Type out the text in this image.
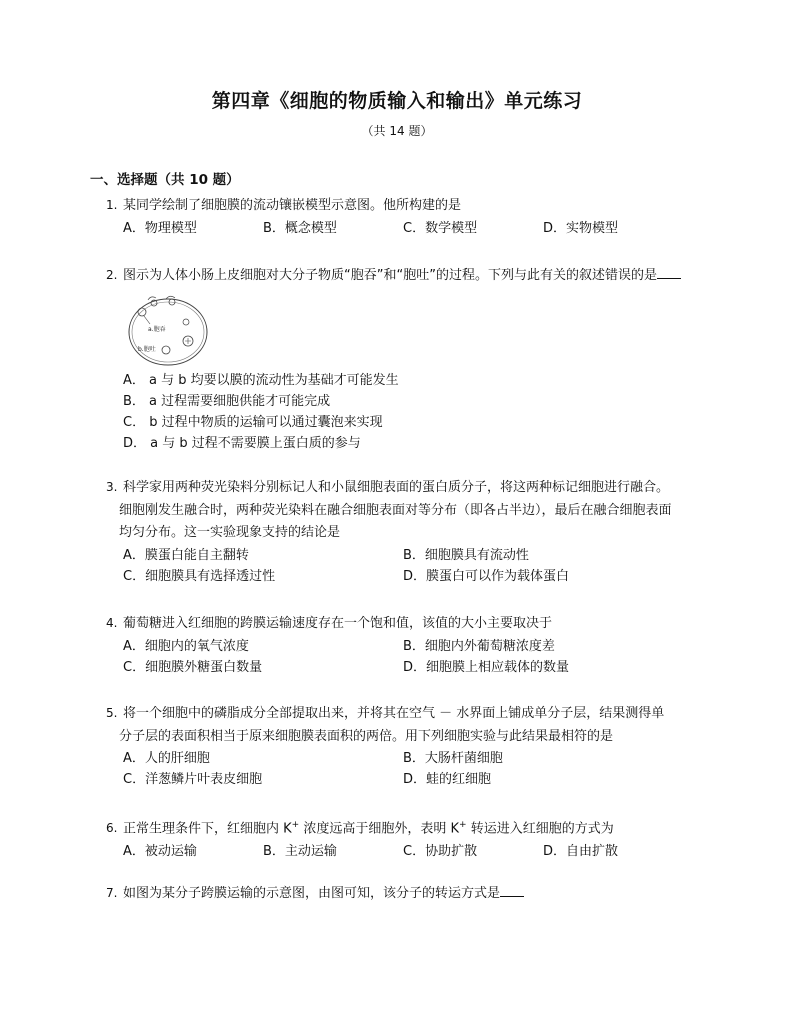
第四章《细胞的物质输入和输出》单元练习
（共 14 题）
一、选择题（共 10 题）
1. 某同学绘制了细胞膜的流动镶嵌模型示意图。他所构建的是
A．物理模型	B．概念模型	C．数学模型	D．实物模型
2. 图示为人体小肠上皮细胞对大分子物质“胞吞”和“胞吐”的过程。下列与此有关的叙述错误的是
a.胞吞
b.胞吐
A． a 与 b 均要以膜的流动性为基础才可能发生
B． a 过程需要细胞供能才可能完成
C． b 过程中物质的运输可以通过囊泡来实现
D． a 与 b 过程不需要膜上蛋白质的参与
3. 科学家用两种荧光染料分别标记人和小鼠细胞表面的蛋白质分子，将这两种标记细胞进行融合。
细胞刚发生融合时，两种荧光染料在融合细胞表面对等分布（即各占半边），最后在融合细胞表面
均匀分布。这一实验现象支持的结论是
A．膜蛋白能自主翻转	B．细胞膜具有流动性
C．细胞膜具有选择透过性	D．膜蛋白可以作为载体蛋白
4. 葡萄糖进入红细胞的跨膜运输速度存在一个饱和值，该值的大小主要取决于
A．细胞内的氧气浓度	B．细胞内外葡萄糖浓度差
C．细胞膜外糖蛋白数量	D．细胞膜上相应载体的数量
5. 将一个细胞中的磷脂成分全部提取出来，并将其在空气 － 水界面上铺成单分子层，结果测得单
分子层的表面积相当于原来细胞膜表面积的两倍。用下列细胞实验与此结果最相符的是
A．人的肝细胞	B．大肠杆菌细胞
C．洋葱鳞片叶表皮细胞	D．蛙的红细胞
6. 正常生理条件下，红细胞内 K+ 浓度远高于细胞外，表明 K+ 转运进入红细胞的方式为
A．被动运输	B．主动运输	C．协助扩散	D．自由扩散
7. 如图为某分子跨膜运输的示意图，由图可知，该分子的转运方式是
